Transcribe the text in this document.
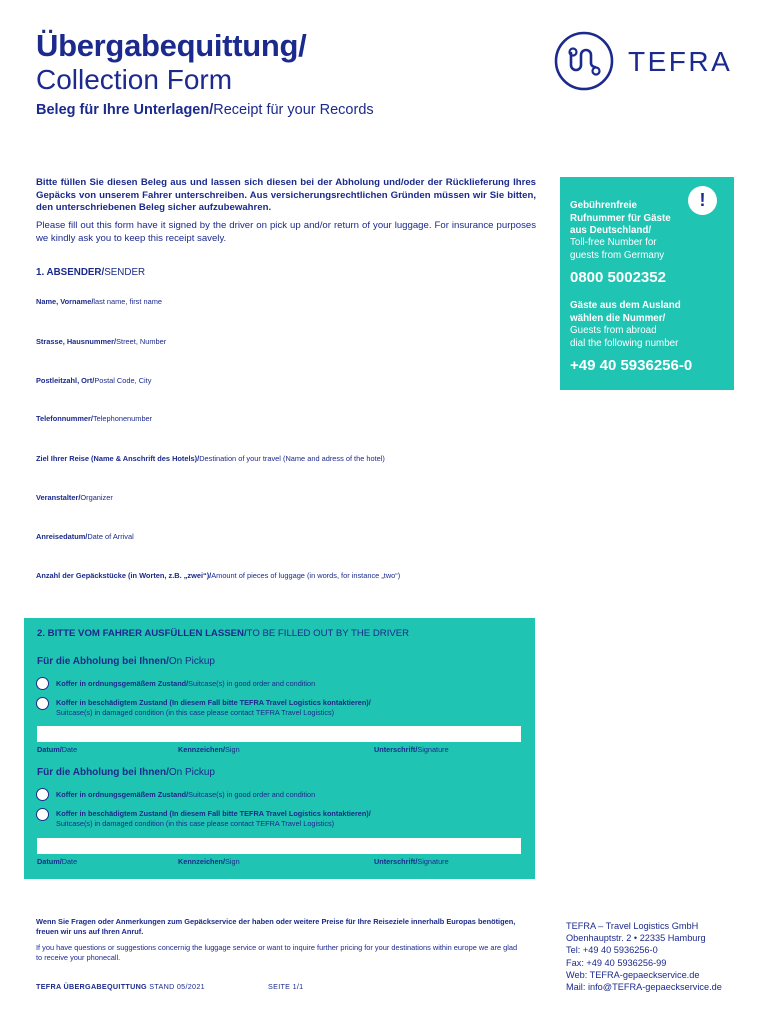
Übergabequittung/
Collection Form
Beleg für Ihre Unterlagen/Receipt für your Records
TEFRA
Bitte füllen Sie diesen Beleg aus und lassen sich diesen bei der Abholung und/oder der Rücklieferung Ihres Gepäcks von unserem Fahrer unterschreiben. Aus versicherungsrechtlichen Gründen müssen wir Sie bitten, den unterschriebenen Beleg sicher aufzubewahren.
Please fill out this form have it signed by the driver on pick up and/or return of your luggage. For insurance purposes we kindly ask you to keep this receipt savely.
!
Gebührenfreie
Rufnummer für Gäste
aus Deutschland/
Toll-free Number for
guests from Germany
0800 5002352
Gäste aus dem Ausland
wählen die Nummer/
Guests from abroad
dial the following number
+49 40 5936256-0
1. ABSENDER/SENDER
Name, Vorname/last name, first name
Strasse, Hausnummer/Street, Number
Postleitzahl, Ort/Postal Code, City
Telefonnummer/Telephonenumber
Ziel Ihrer Reise (Name & Anschrift des Hotels)/Destination of your travel (Name and adress of the hotel)
Veranstalter/Organizer
Anreisedatum/Date of Arrival
Anzahl der Gepäckstücke (in Worten, z.B. „zwei“)/Amount of pieces of luggage (in words, for instance „two“)
2. BITTE VOM FAHRER AUSFÜLLEN LASSEN/TO BE FILLED OUT BY THE DRIVER
Für die Abholung bei Ihnen/On Pickup
Koffer in ordnungsgemäßem Zustand/Suitcase(s) in good order and condition
Koffer in beschädigtem Zustand (In diesem Fall bitte TEFRA Travel Logistics kontaktieren)/
Suitcase(s) in damaged condition (in this case please contact TEFRA Travel Logistics)
Datum/Date	Kennzeichen/Sign	Unterschrift/Signature
Für die Abholung bei Ihnen/On Pickup
Koffer in ordnungsgemäßem Zustand/Suitcase(s) in good order and condition
Koffer in beschädigtem Zustand (In diesem Fall bitte TEFRA Travel Logistics kontaktieren)/
Suitcase(s) in damaged condition (in this case please contact TEFRA Travel Logistics)
Datum/Date	Kennzeichen/Sign	Unterschrift/Signature
Wenn Sie Fragen oder Anmerkungen zum Gepäckservice der haben oder weitere Preise für Ihre Reiseziele innerhalb Europas benötigen, freuen wir uns auf Ihren Anruf.
If you have questions or suggestions concernig the luggage service or want to inquire further pricing for your destinations within europe we are glad to receive your phonecall.
TEFRA ÜBERGABEQUITTUNG STAND 05/2021	SEITE 1/1
TEFRA – Travel Logistics GmbH
Obenhauptstr. 2 • 22335 Hamburg
Tel: +49 40 5936256-0
Fax: +49 40 5936256-99
Web: TEFRA-gepaeckservice.de
Mail: info@TEFRA-gepaeckservice.de
